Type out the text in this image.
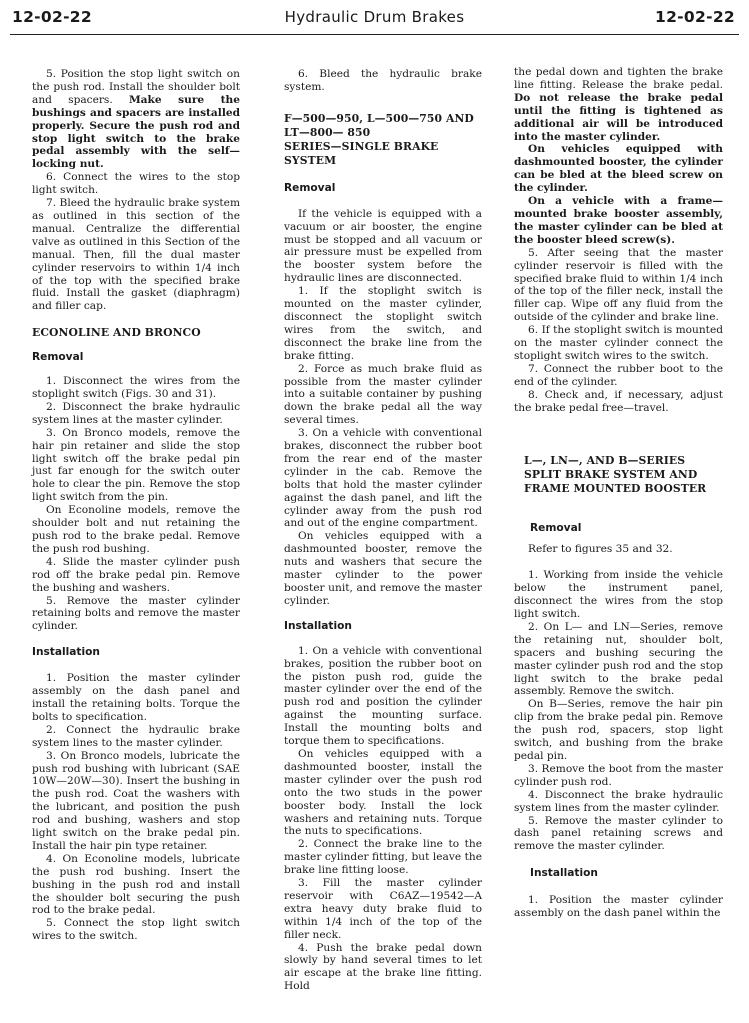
12-02-22	Hydraulic Drum Brakes	12-02-22

5. Position the stop light switch on the push rod. Install the shoulder bolt and spacers. Make sure the bushings and spacers are installed properly. Secure the push rod and stop light switch to the brake pedal assembly with the self—locking nut.

6. Connect the wires to the stop light switch.

7. Bleed the hydraulic brake system as outlined in this section of the manual. Centralize the differential valve as outlined in this Section of the manual. Then, fill the dual master cylinder reservoirs to within 1/4 inch of the top with the specified brake fluid. Install the gasket (diaphragm) and filler cap.

ECONOLINE AND BRONCO

Removal

1. Disconnect the wires from the stoplight switch (Figs. 30 and 31).

2. Disconnect the brake hydraulic system lines at the master cylinder.

3. On Bronco models, remove the hair pin retainer and slide the stop light switch off the brake pedal pin just far enough for the switch outer hole to clear the pin. Remove the stop light switch from the pin.

On Econoline models, remove the shoulder bolt and nut retaining the push rod to the brake pedal. Remove the push rod bushing.

4. Slide the master cylinder push rod off the brake pedal pin. Remove the bushing and washers.

5. Remove the master cylinder retaining bolts and remove the master cylinder.

Installation

1. Position the master cylinder assembly on the dash panel and install the retaining bolts. Torque the bolts to specification.

2. Connect the hydraulic brake system lines to the master cylinder.

3. On Bronco models, lubricate the push rod bushing with lubricant (SAE 10W—20W—30). Insert the bushing in the push rod. Coat the washers with the lubricant, and position the push rod and bushing, washers and stop light switch on the brake pedal pin. Install the hair pin type retainer.

4. On Econoline models, lubricate the push rod bushing. Insert the bushing in the push rod and install the shoulder bolt securing the push rod to the brake pedal.

5. Connect the stop light switch wires to the switch.

6. Bleed the hydraulic brake system.

F—500—950, L—500—750 AND

LT—800— 850

SERIES—SINGLE BRAKE

SYSTEM

Removal

If the vehicle is equipped with a vacuum or air booster, the engine must be stopped and all vacuum or air pressure must be expelled from the booster system before the hydraulic lines are disconnected.

1. If the stoplight switch is mounted on the master cylinder, disconnect the stoplight switch wires from the switch, and disconnect the brake line from the brake fitting.

2. Force as much brake fluid as possible from the master cylinder into a suitable container by pushing down the brake pedal all the way several times.

3. On a vehicle with conventional brakes, disconnect the rubber boot from the rear end of the master cylinder in the cab. Remove the bolts that hold the master cylinder against the dash panel, and lift the cylinder away from the push rod and out of the engine compartment.

On vehicles equipped with a dashmounted booster, remove the nuts and washers that secure the master cylinder to the power booster unit, and remove the master cylinder.

Installation

1. On a vehicle with conventional brakes, position the rubber boot on the piston push rod, guide the master cylinder over the end of the push rod and position the cylinder against the mounting surface. Install the mounting bolts and torque them to specifications.

On vehicles equipped with a dashmounted booster, install the master cylinder over the push rod onto the two studs in the power booster body. Install the lock washers and retaining nuts. Torque the nuts to specifications.

2. Connect the brake line to the master cylinder fitting, but leave the brake line fitting loose.

3. Fill the master cylinder reservoir with C6AZ—19542—A extra heavy duty brake fluid to within 1/4 inch of the top of the filler neck.

4. Push the brake pedal down slowly by hand several times to let air escape at the brake line fitting. Hold

the pedal down and tighten the brake line fitting. Release the brake pedal. Do not release the brake pedal until the fitting is tightened as additional air will be introduced into the master cylinder.

On vehicles equipped with dashmounted booster, the cylinder can be bled at the bleed screw on the cylinder.

On a vehicle with a frame—mounted brake booster assembly, the master cylinder can be bled at the booster bleed screw(s).

5. After seeing that the master cylinder reservoir is filled with the specified brake fluid to within 1/4 inch of the top of the filler neck, install the filler cap. Wipe off any fluid from the outside of the cylinder and brake line.

6. If the stoplight switch is mounted on the master cylinder connect the stoplight switch wires to the switch.

7. Connect the rubber boot to the end of the cylinder.

8. Check and, if necessary, adjust the brake pedal free—travel.

L—, LN—, AND B—SERIES

SPLIT BRAKE SYSTEM AND

FRAME MOUNTED BOOSTER

Removal

Refer to figures 35 and 32.

1. Working from inside the vehicle below the instrument panel, disconnect the wires from the stop light switch.

2. On L— and LN—Series, remove the retaining nut, shoulder bolt, spacers and bushing securing the master cylinder push rod and the stop light switch to the brake pedal assembly. Remove the switch.

On B—Series, remove the hair pin clip from the brake pedal pin. Remove the push rod, spacers, stop light switch, and bushing from the brake pedal pin.

3. Remove the boot from the master cylinder push rod.

4. Disconnect the brake hydraulic system lines from the master cylinder.

5. Remove the master cylinder to dash panel retaining screws and remove the master cylinder.

Installation

1. Position the master cylinder assembly on the dash panel within the
